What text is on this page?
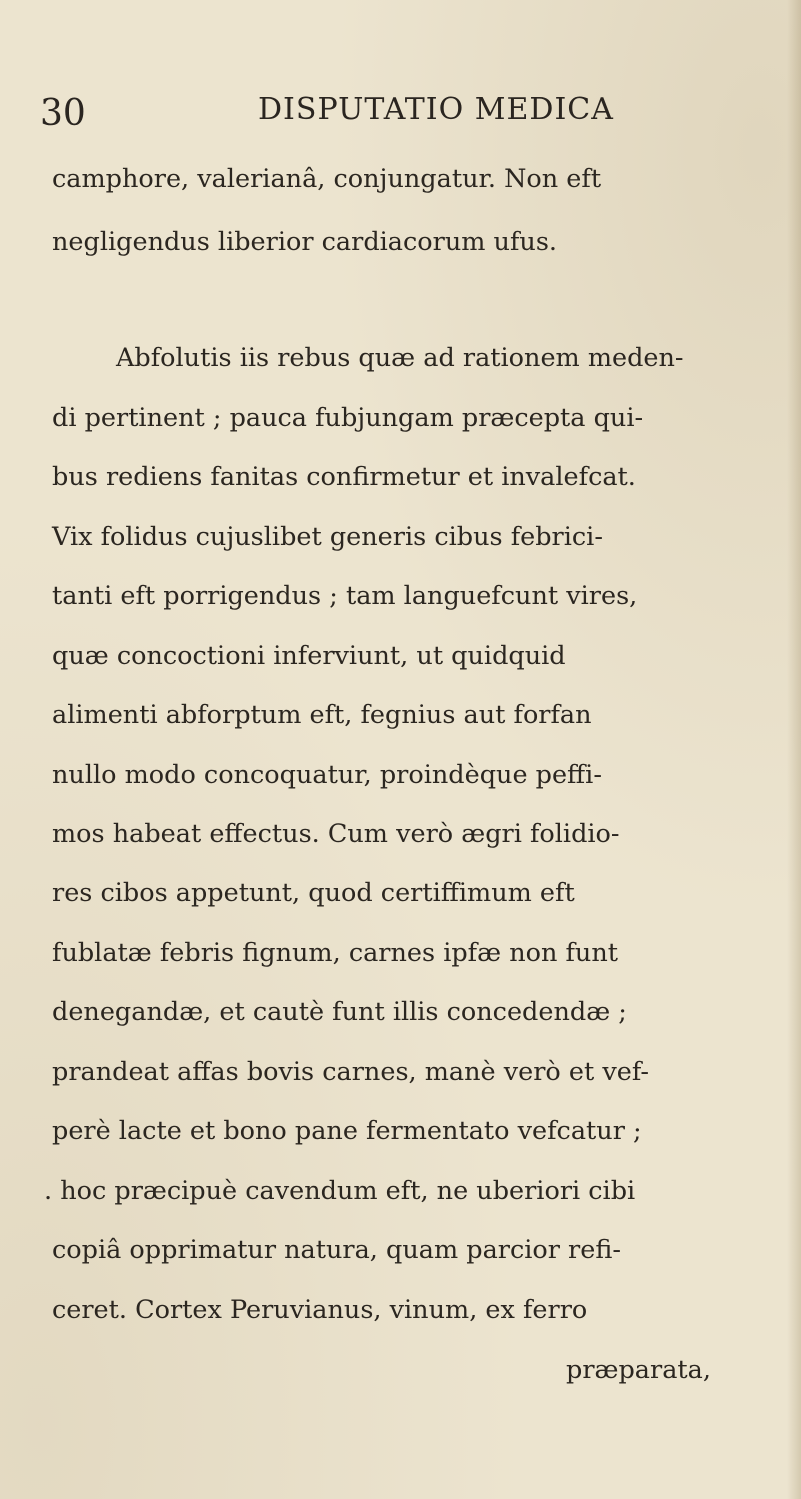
30	DISPUTATIO MEDICA
camphore, valerianâ, conjungatur. Non eft
negligendus liberior cardiacorum ufus.
Abfolutis iis rebus quæ ad rationem meden-
di pertinent ; pauca fubjungam præcepta qui-
bus rediens fanitas confirmetur et invalefcat.
Vix folidus cujuslibet generis cibus febrici-
tanti eft porrigendus ; tam languefcunt vires,
quæ concoctioni inferviunt, ut quidquid
alimenti abforptum eft, fegnius aut forfan
nullo modo concoquatur, proindèque peffi-
mos habeat effectus. Cum verò ægri folidio-
res cibos appetunt, quod certiffimum eft
fublatæ febris fignum, carnes ipfæ non funt
denegandæ, et cautè funt illis concedendæ ;
prandeat affas bovis carnes, manè verò et vef-
perè lacte et bono pane fermentato vefcatur ;
. hoc præcipuè cavendum eft, ne uberiori cibi
copiâ opprimatur natura, quam parcior refi-
ceret. Cortex Peruvianus, vinum, ex ferro
præparata,
